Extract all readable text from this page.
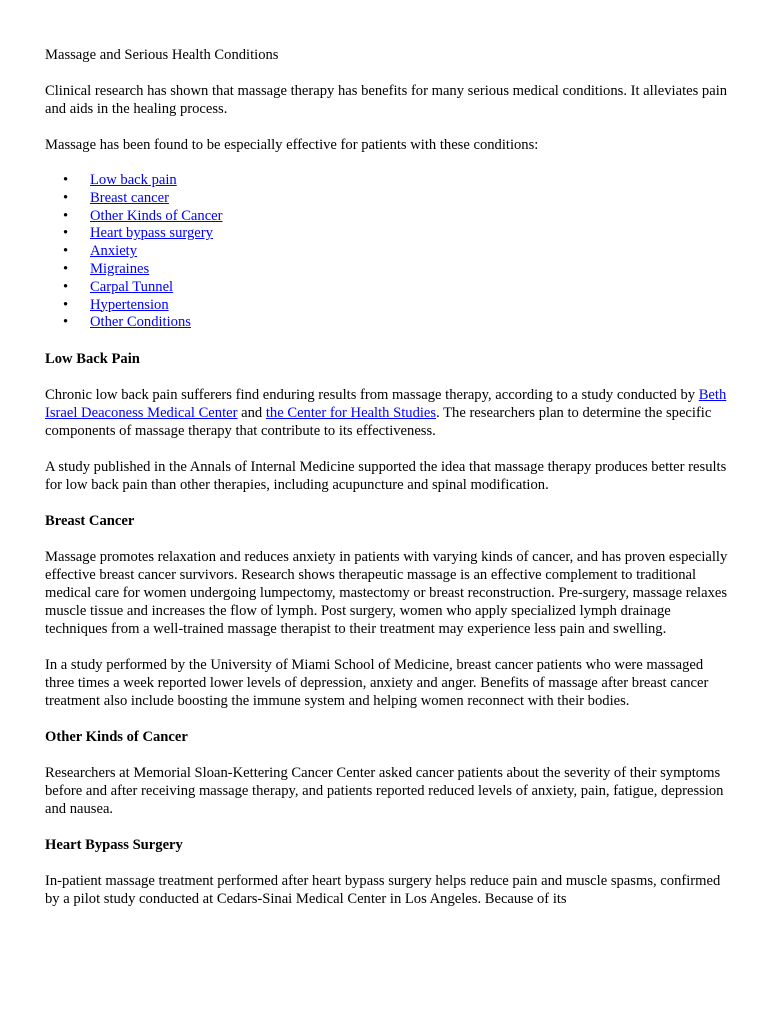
Massage and Serious Health Conditions

Clinical research has shown that massage therapy has benefits for many serious medical conditions. It alleviates pain and aids in the healing process.

Massage has been found to be especially effective for patients with these conditions:

• Low back pain
• Breast cancer
• Other Kinds of Cancer
• Heart bypass surgery
• Anxiety
• Migraines
• Carpal Tunnel
• Hypertension
• Other Conditions
Low Back Pain

Chronic low back pain sufferers find enduring results from massage therapy, according to a study conducted by Beth Israel Deaconess Medical Center and the Center for Health Studies. The researchers plan to determine the specific components of massage therapy that contribute to its effectiveness.

A study published in the Annals of Internal Medicine supported the idea that massage therapy produces better results for low back pain than other therapies, including acupuncture and spinal modification.

Breast Cancer

Massage promotes relaxation and reduces anxiety in patients with varying kinds of cancer, and has proven especially effective breast cancer survivors. Research shows therapeutic massage is an effective complement to traditional medical care for women undergoing lumpectomy, mastectomy or breast reconstruction. Pre-surgery, massage relaxes muscle tissue and increases the flow of lymph. Post surgery, women who apply specialized lymph drainage techniques from a well-trained massage therapist to their treatment may experience less pain and swelling.

In a study performed by the University of Miami School of Medicine, breast cancer patients who were massaged three times a week reported lower levels of depression, anxiety and anger. Benefits of massage after breast cancer treatment also include boosting the immune system and helping women reconnect with their bodies.

Other Kinds of Cancer

Researchers at Memorial Sloan-Kettering Cancer Center asked cancer patients about the severity of their symptoms before and after receiving massage therapy, and patients reported reduced levels of anxiety, pain, fatigue, depression and nausea.

Heart Bypass Surgery

In-patient massage treatment performed after heart bypass surgery helps reduce pain and muscle spasms, confirmed by a pilot study conducted at Cedars-Sinai Medical Center in Los Angeles. Because of its
